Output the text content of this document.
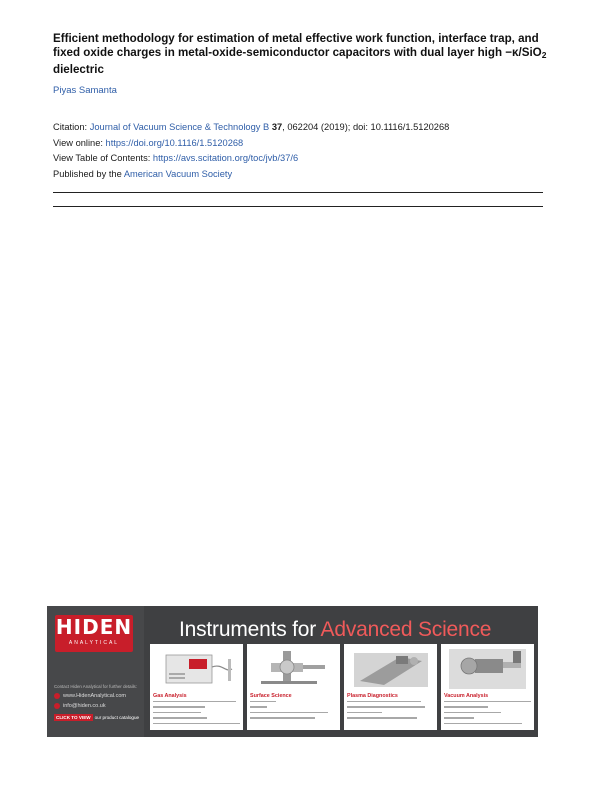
Efficient methodology for estimation of metal effective work function, interface trap, and fixed oxide charges in metal-oxide-semiconductor capacitors with dual layer high −κ/SiO$_2$ dielectric
Piyas Samanta
Citation: Journal of Vacuum Science & Technology B 37, 062204 (2019); doi: 10.1116/1.5120268
View online: https://doi.org/10.1116/1.5120268
View Table of Contents: https://avs.scitation.org/toc/jvb/37/6
Published by the American Vacuum Society
HIDEN
ANALYTICAL
Instruments for Advanced Science
Contact Hiden Analytical for further details:
www.HidenAnalytical.com
info@hiden.co.uk
CLICK TO VIEW our product catalogue
Gas Analysis	Surface Science	Plasma Diagnostics	Vacuum Analysis
